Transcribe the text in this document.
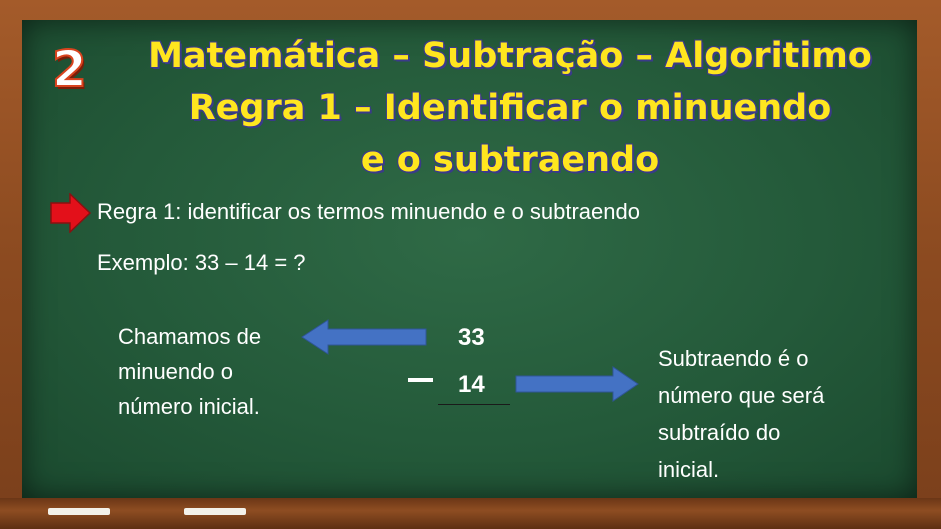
2	Matemática – Subtração – Algoritimo
Regra 1 – Identificar o minuendo
e o subtraendo
Regra 1: identificar os termos minuendo e o subtraendo
Exemplo: 33 – 14 = ?
Chamamos de
minuendo o
número inicial.
33
14
Subtraendo é o
número que será
subtraído do
inicial.
